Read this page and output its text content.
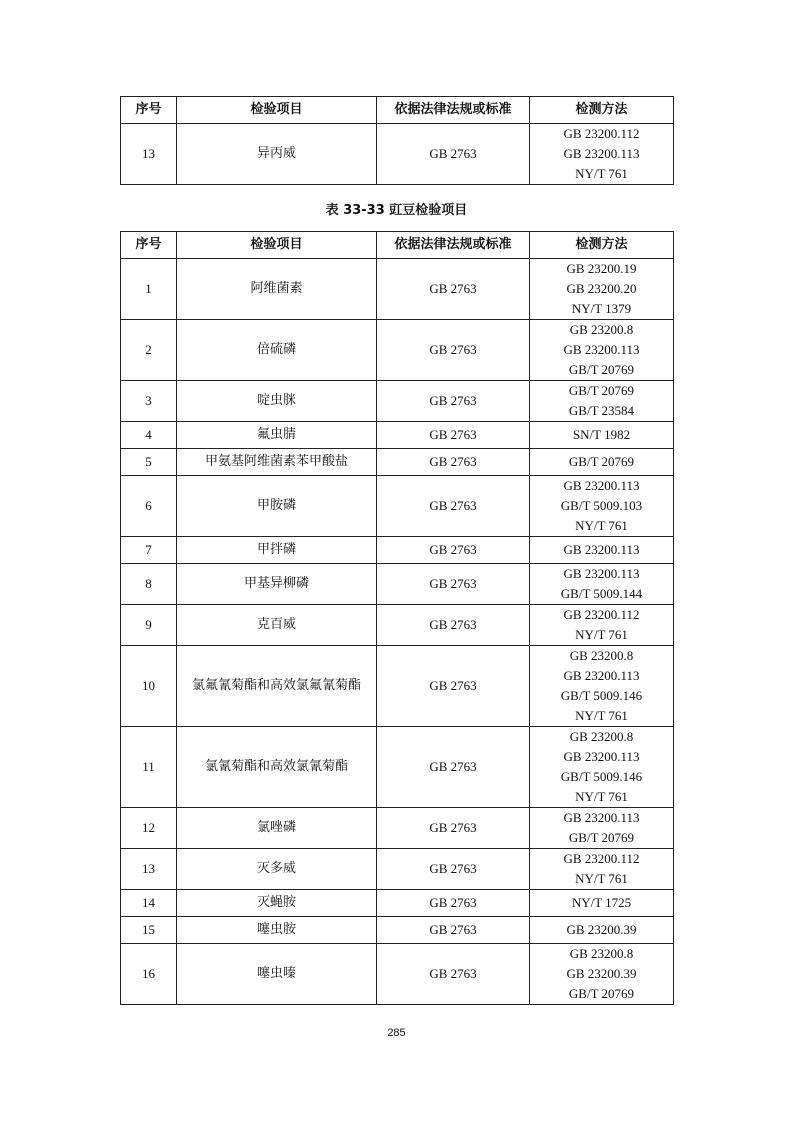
序号	检验项目	依据法律法规或标准	检测方法
13	异丙威	GB 2763	GB 23200.112
GB 23200.113
NY/T 761
表 33-33 豇豆检验项目
序号	检验项目	依据法律法规或标准	检测方法
1	阿维菌素	GB 2763	GB 23200.19
GB 23200.20
NY/T 1379

2	倍硫磷	GB 2763	GB 23200.8
GB 23200.113
GB/T 20769

3	啶虫脒	GB 2763	GB/T 20769
GB/T 23584

4	氟虫腈	GB 2763	SN/T 1982

5	甲氨基阿维菌素苯甲酸盐	GB 2763	GB/T 20769

6	甲胺磷	GB 2763	GB 23200.113
GB/T 5009.103
NY/T 761

7	甲拌磷	GB 2763	GB 23200.113

8	甲基异柳磷	GB 2763	GB 23200.113
GB/T 5009.144

9	克百威	GB 2763	GB 23200.112
NY/T 761

10	氯氟氰菊酯和高效氯氟氰菊酯	GB 2763	GB 23200.8
GB 23200.113
GB/T 5009.146
NY/T 761

11	氯氰菊酯和高效氯氰菊酯	GB 2763	GB 23200.8
GB 23200.113
GB/T 5009.146
NY/T 761

12	氯唑磷	GB 2763	GB 23200.113
GB/T 20769

13	灭多威	GB 2763	GB 23200.112
NY/T 761

14	灭蝇胺	GB 2763	NY/T 1725

15	噻虫胺	GB 2763	GB 23200.39

16	噻虫嗪	GB 2763	GB 23200.8
GB 23200.39
GB/T 20769
285
